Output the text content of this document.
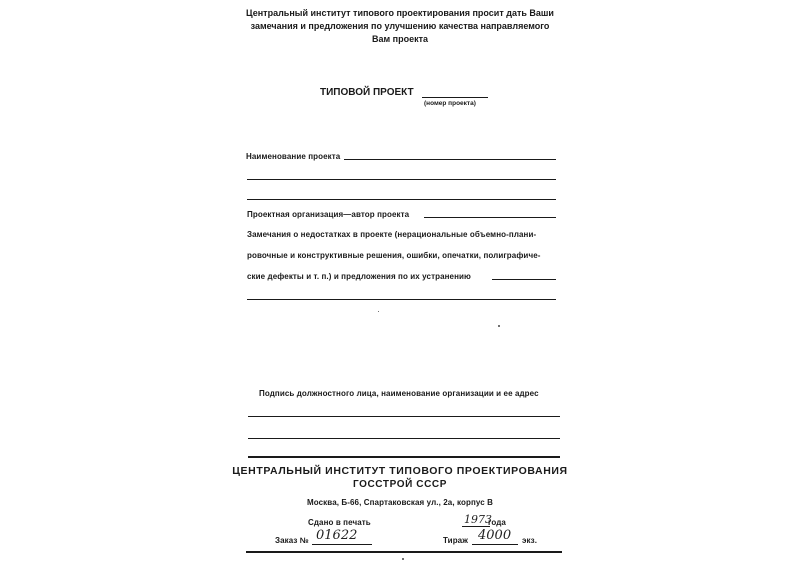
Центральный институт типового проектирования просит дать Ваши
замечания и предложения по улучшению качества направляемого
Вам проекта
ТИПОВОЙ ПРОЕКТ
(номер проекта)
Наименование проекта
Проектная организация—автор проекта
Замечания о недостатках в проекте (нерациональные объемно-плани-
ровочные и конструктивные решения, ошибки, опечатки, полиграфиче-
ские дефекты и т. п.) и предложения по их устранению
Подпись должностного лица, наименование организации и ее адрес
ЦЕНТРАЛЬНЫЙ ИНСТИТУТ ТИПОВОГО ПРОЕКТИРОВАНИЯ
ГОССТРОЙ СССР
Москва, Б-66, Спартаковская ул., 2а, корпус В
Сдано в печать	1973
года
Заказ № 01622	Тираж 4000 экз.
